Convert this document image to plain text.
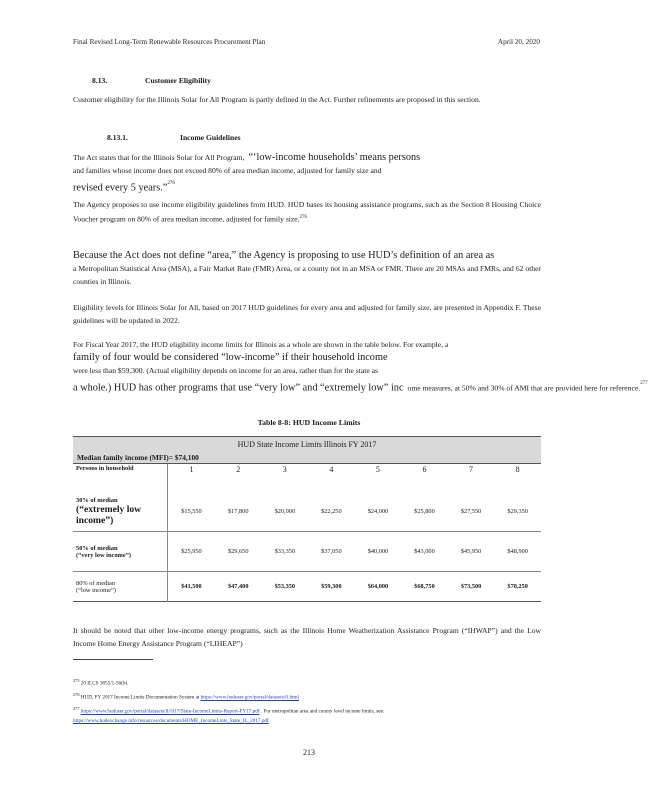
Final Revised Long-Term Renewable Resources Procurement Plan	April 20, 2020
8.13.	Customer Eligibility
Customer eligibility for the Illinois Solar for All Program is partly defined in the Act. Further refinements are proposed in this section.
8.13.1.	Income Guidelines
The Act states that for the Illinois Solar for All Program, “‘low-income households’ means persons
and families whose income does not exceed 80% of area median income, adjusted for family size and
revised every 5 years.”$^{276}$
The Agency proposes to use income eligibility guidelines from HUD. HUD bases its housing assistance programs, such as the Section 8 Housing Choice Voucher program on 80% of area median income, adjusted for family size.$^{276}$
Because the Act does not define “area,” the Agency is proposing to use HUD’s definition of an area as
a Metropolitan Statistical Area (MSA), a Fair Market Rate (FMR) Area, or a county not in an MSA or FMR. There are 20 MSAs and FMRs, and 62 other counties in Illinois.
Eligibility levels for Illinois Solar for All, based on 2017 HUD guidelines for every area and adjusted for family size, are presented in Appendix F. These guidelines will be updated in 2022.
For Fiscal Year 2017, the HUD eligibility income limits for Illinois as a whole are shown in the table below. For example, a
family of four would be considered “low-income” if their household income
were less than $59,300. (Actual eligibility depends on income for an area, rather than for the state as
a whole.) HUD has other programs that use “very low” and “extremely low” inc ome measures, at 50% and 30% of AMI that are provided here for reference.$^{277}$
Table 8-8: HUD Income Limits
HUD State Income Limits Illinois FY 2017								
Median family income (MFI)= $74,100								
Persons in household	1	2	3	4	5	6	7	8

30% of median
(“extremely low income”)	$15,550	$17,800	$20,000	$22,250	$24,000	$25,800	$27,550	$29,350

50% of median
(“very low income”)	$25,950	$29,650	$33,350	$37,050	$40,000	$43,000	$45,950	$48,900

80% of median
(“low income”)	$41,500	$47,400	$53,350	$59,300	$64,000	$68,750	$73,500	$78,250
It should be noted that other low-income energy programs, such as the Illinois Home Weatherization Assistance Program (“IHWAP”) and the Low Income Home Energy Assistance Program (“LIHEAP”)
$^{275}$ 20 ILCS 3855/1-56(b).
$^{276}$ HUD, FY 2017 Income Limits Documentation System at https://www.huduser.gov/portal/datasets/il.html
$^{277}$ https://www.huduser.gov/portal/datasets/il//il17/State-IncomeLimits-Report-FY17.pdf . For metropolitan area and county level income limits, see: https://www.hudexchange.info/resources/documents/HOME_IncomeLmts_State_IL_2017.pdf
213
